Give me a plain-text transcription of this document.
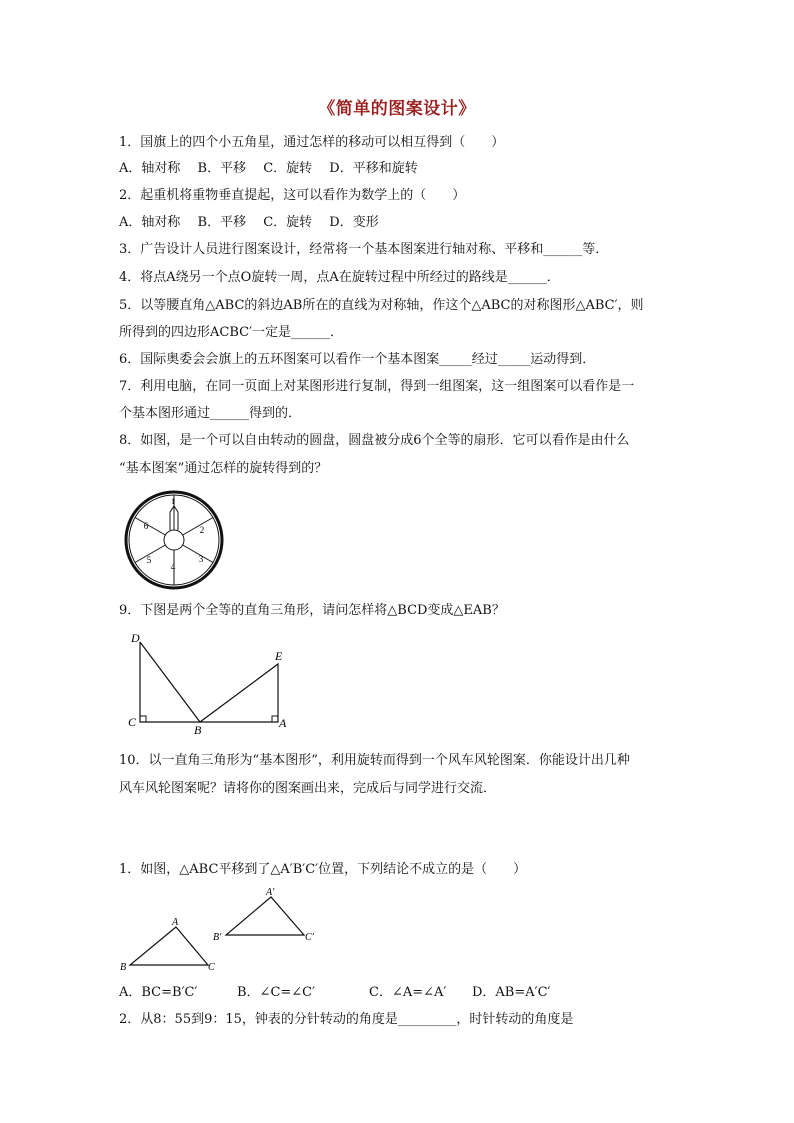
《简单的图案设计》
1．国旗上的四个小五角星，通过怎样的移动可以相互得到（　　）
A．轴对称　 B．平移　 C．旋转　 D．平移和旋转
2．起重机将重物垂直提起，这可以看作为数学上的（　　）
A．轴对称　 B．平移　 C．旋转　 D．变形
3．广告设计人员进行图案设计，经常将一个基本图案进行轴对称、平移和______等．
4．将点A绕另一个点O旋转一周，点A在旋转过程中所经过的路线是______．
5．以等腰直角△ABC的斜边AB所在的直线为对称轴，作这个△ABC的对称图形△ABC′，则
所得到的四边形ACBC′一定是______．
6．国际奥委会会旗上的五环图案可以看作一个基本图案_____经过_____运动得到．
7．利用电脑，在同一页面上对某图形进行复制，得到一组图案，这一组图案可以看作是一
个基本图形通过______得到的．
8．如图，是一个可以自由转动的圆盘，圆盘被分成6个全等的扇形．它可以看作是由什么
“基本图案”通过怎样的旋转得到的？
1
2
3
4
5
6
9．下图是两个全等的直角三角形，请问怎样将△BCD变成△EAB？
D
E
C
B	A
10．以一直角三角形为“基本图形”，利用旋转而得到一个风车风轮图案．你能设计出几种
风车风轮图案呢？请将你的图案画出来，完成后与同学进行交流．
1．如图，△ABC平移到了△A′B′C′位置，下列结论不成立的是（　　）
A
B	C
A′
B′	C′
A．BC=B′C′	B．∠C=∠C′	C．∠A=∠A′ D．AB=A′C′
2．从8：55到9：15，钟表的分针转动的角度是_________，时针转动的角度是
